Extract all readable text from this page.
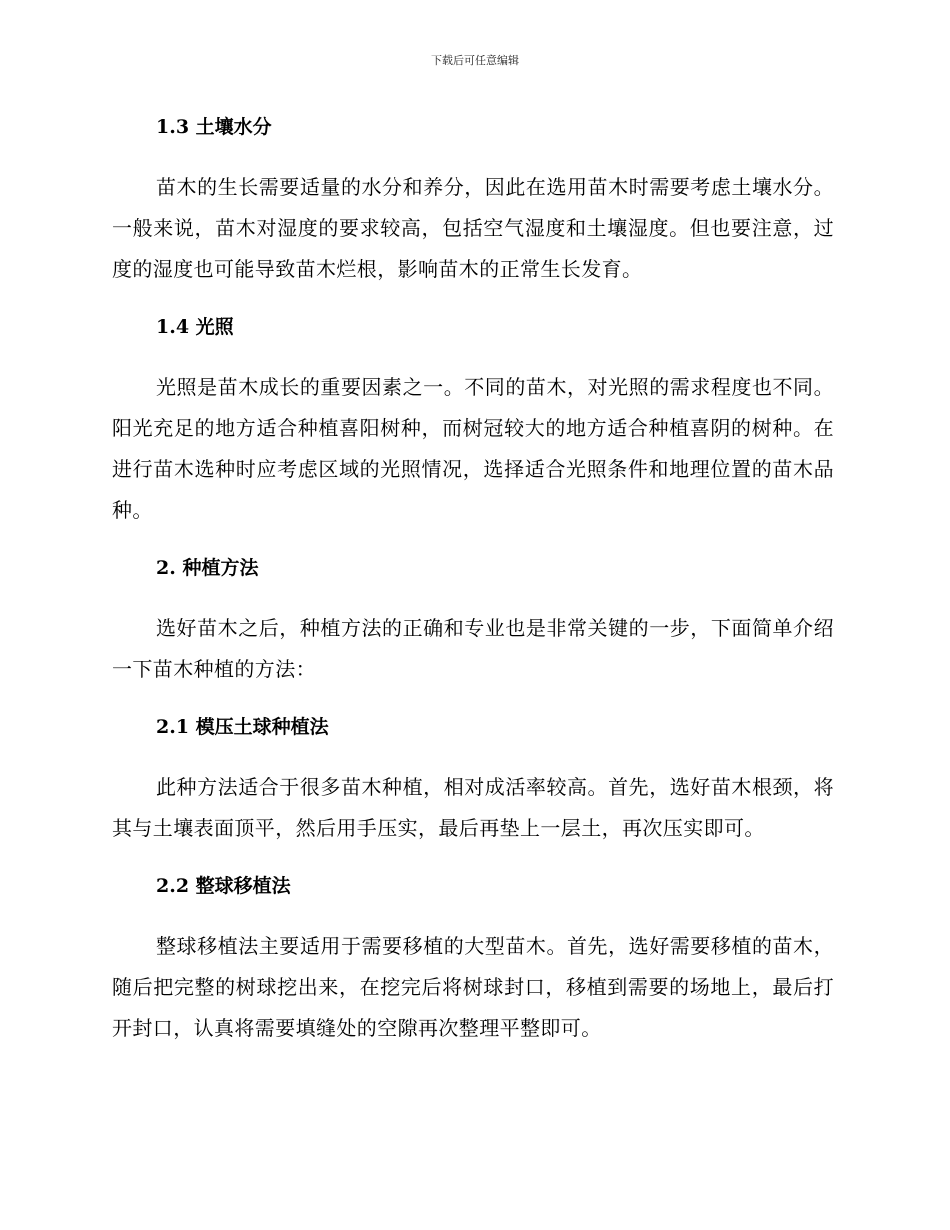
下载后可任意编辑
1.3 土壤水分

苗木的生长需要适量的水分和养分，因此在选用苗木时需要考虑土壤水分。一般来说，苗木对湿度的要求较高，包括空气湿度和土壤湿度。但也要注意，过度的湿度也可能导致苗木烂根，影响苗木的正常生长发育。

1.4 光照

光照是苗木成长的重要因素之一。不同的苗木，对光照的需求程度也不同。阳光充足的地方适合种植喜阳树种，而树冠较大的地方适合种植喜阴的树种。在进行苗木选种时应考虑区域的光照情况，选择适合光照条件和地理位置的苗木品种。

2. 种植方法

选好苗木之后，种植方法的正确和专业也是非常关键的一步，下面简单介绍一下苗木种植的方法：

2.1 模压土球种植法

此种方法适合于很多苗木种植，相对成活率较高。首先，选好苗木根颈，将其与土壤表面顶平，然后用手压实，最后再垫上一层土，再次压实即可。

2.2 整球移植法

整球移植法主要适用于需要移植的大型苗木。首先，选好需要移植的苗木，随后把完整的树球挖出来，在挖完后将树球封口，移植到需要的场地上，最后打开封口，认真将需要填缝处的空隙再次整理平整即可。
